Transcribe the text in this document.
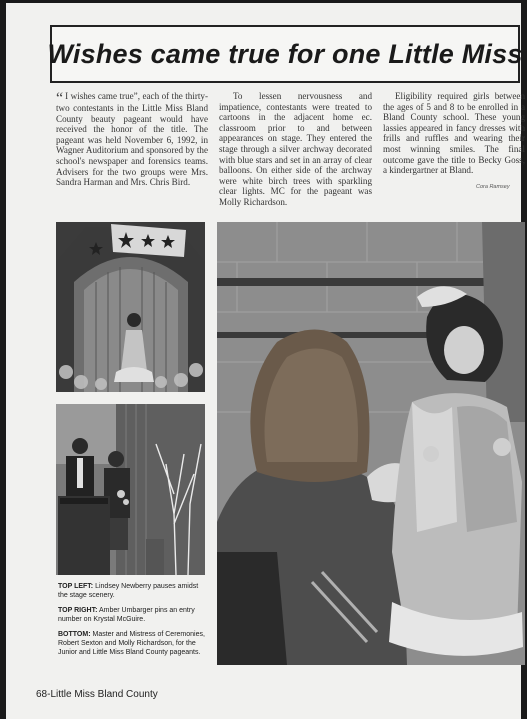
Wishes came true for one Little Miss

“ I wishes came true”, each of the thirty-two contestants in the Little Miss Bland County beauty pageant would have received the honor of the title. The pageant was held November 6, 1992, in Wagner Auditorium and sponsored by the school's newspaper and forensics teams. Advisers for the two groups were Mrs. Sandra Harman and Mrs. Chris Bird.

To lessen nervousness and impatience, contestants were treated to cartoons in the adjacent home ec. classroom prior to and between appearances on stage. They entered the stage through a silver archway decorated with blue stars and set in an array of clear balloons. On either side of the archway were white birch trees with sparkling clear lights. MC for the pageant was Molly Richardson.

Eligibility required girls between the ages of 5 and 8 to be enrolled in a Bland County school. These young lassies appeared in fancy dresses with frills and ruffles and wearing their most winning smiles. The final outcome gave the title to Becky Goss, a kindergartner at Bland.

Cora Ramsey

TOP LEFT: Lindsey Newberry pauses amidst the stage scenery.

TOP RIGHT: Amber Umbarger pins an entry number on Krystal McGuire.

BOTTOM: Master and Mistress of Ceremonies, Robert Sexton and Molly Richardson, for the Junior and Little Miss Bland County pageants.

68-Little Miss Bland County
